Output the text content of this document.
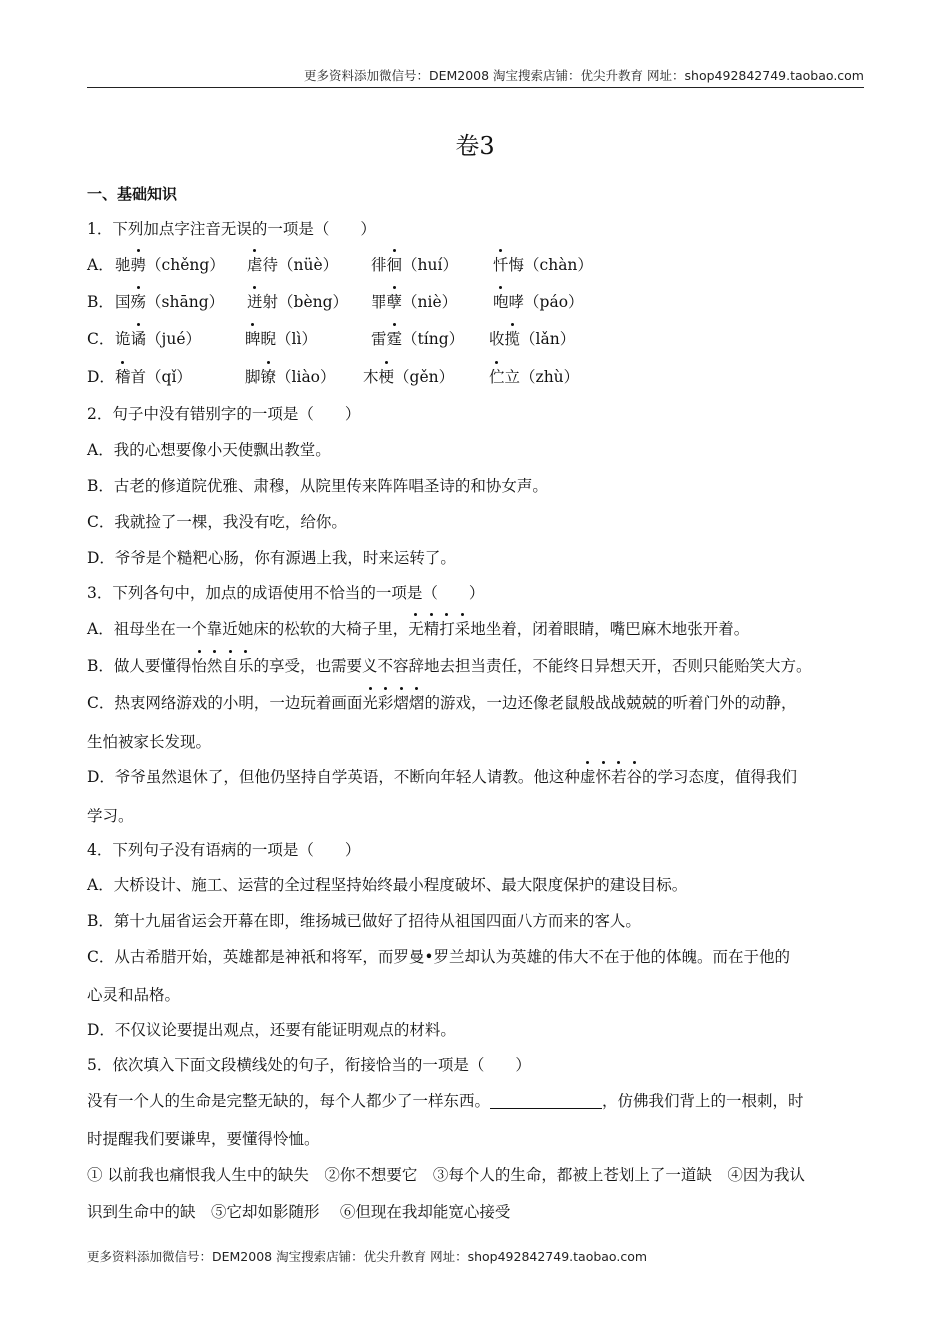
更多资料添加微信号：DEM2008 淘宝搜索店铺：优尖升教育 网址：shop492842749.taobao.com
卷3
一、基础知识
1．下列加点字注音无误的一项是（　　）
A． 驰骋（chěng） 虐待（nüè） 徘徊（huí） 忏悔（chàn）
B． 国殇（shāng） 迸射（bèng） 罪孽（niè） 咆哮（páo）
C． 诡谲（jué）	睥睨（lì）	雷霆（tíng） 收揽（lǎn）
D． 稽首（qǐ）	脚镣（liào） 木梗（gěn） 伫立（zhù）
2．句子中没有错别字的一项是（　　）
A．我的心想要像小天使飘出教堂。
B．古老的修道院优雅、肃穆，从院里传来阵阵唱圣诗的和协女声。
C．我就捡了一棵，我没有吃，给你。
D．爷爷是个糙粑心肠，你有源遇上我，时来运转了。
3．下列各句中，加点的成语使用不恰当的一项是（　　）
A．祖母坐在一个靠近她床的松软的大椅子里，无精打采地坐着，闭着眼睛，嘴巴麻木地张开着。
B．做人要懂得怡然自乐的享受，也需要义不容辞地去担当责任，不能终日异想天开，否则只能贻笑大方。
C．热衷网络游戏的小明，一边玩着画面光彩熠熠的游戏，一边还像老鼠般战战兢兢的听着门外的动静，
生怕被家长发现。
D．爷爷虽然退休了，但他仍坚持自学英语，不断向年轻人请教。他这种虚怀若谷的学习态度，值得我们
学习。
4．下列句子没有语病的一项是（　　）
A．大桥设计、施工、运营的全过程坚持始终最小程度破坏、最大限度保护的建设目标。
B．第十九届省运会开幕在即，维扬城已做好了招待从祖国四面八方而来的客人。
C．从古希腊开始，英雄都是神祇和将军，而罗曼•罗兰却认为英雄的伟大不在于他的体魄。而在于他的
心灵和品格。
D．不仅议论要提出观点，还要有能证明观点的材料。
5．依次填入下面文段横线处的句子，衔接恰当的一项是（　　）
没有一个人的生命是完整无缺的，每个人都少了一样东西。	，仿佛我们背上的一根刺，时
时提醒我们要谦卑，要懂得怜恤。
① 以前我也痛恨我人生中的缺失　②你不想要它　③每个人的生命，都被上苍划上了一道缺　④因为我认
识到生命中的缺　⑤它却如影随形　 ⑥但现在我却能宽心接受
更多资料添加微信号：DEM2008 淘宝搜索店铺：优尖升教育 网址：shop492842749.taobao.com
